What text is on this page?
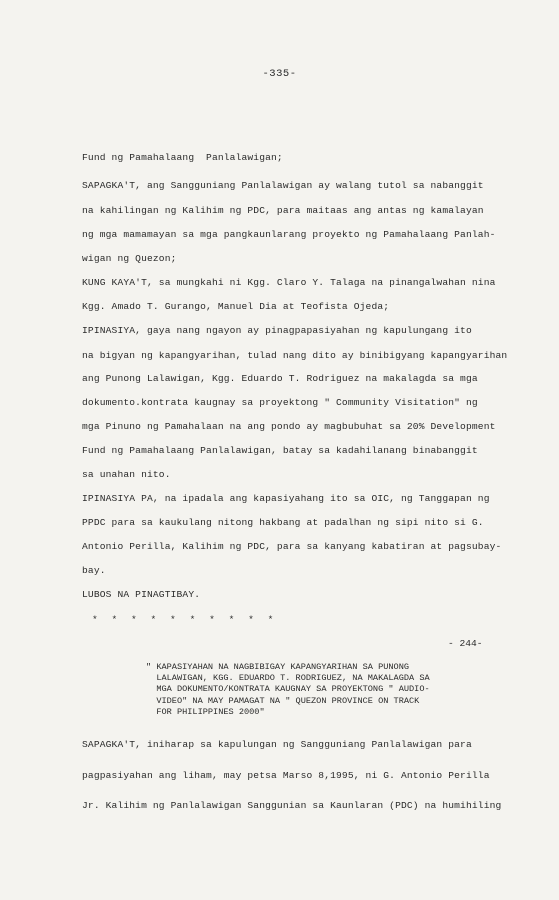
-335-
Fund ng Pamahalaang  Panlalawigan;
SAPAGKA'T, ang Sangguniang Panlalawigan ay walang tutol sa nabanggit
na kahilingan ng Kalihim ng PDC, para maitaas ang antas ng kamalayan
ng mga mamamayan sa mga pangkaunlarang proyekto ng Pamahalaang Panlah-
wigan ng Quezon;
KUNG KAYA'T, sa mungkahi ni Kgg. Claro Y. Talaga na pinangalwahan nina
Kgg. Amado T. Gurango, Manuel Dia at Teofista Ojeda;
IPINASIYA, gaya nang ngayon ay pinagpapasiyahan ng kapulungang ito
na bigyan ng kapangyarihan, tulad nang dito ay binibigyang kapangyarihan
ang Punong Lalawigan, Kgg. Eduardo T. Rodriguez na makalagda sa mga
dokumento.kontrata kaugnay sa proyektong " Community Visitation" ng
mga Pinuno ng Pamahalaan na ang pondo ay magbubuhat sa 20% Development
Fund ng Pamahalaang Panlalawigan, batay sa kadahilanang binabanggit
sa unahan nito.
IPINASIYA PA, na ipadala ang kapasiyahang ito sa OIC, ng Tanggapan ng
PPDC para sa kaukulang nitong hakbang at padalhan ng sipi nito si G.
Antonio Perilla, Kalihim ng PDC, para sa kanyang kabatiran at pagsubay-
bay.
LUBOS NA PINAGTIBAY.
* * * * * * * * * *
- 244-
" KAPASIYAHAN NA NAGBIBIGAY KAPANGYARIHAN SA PUNONG
LALAWIGAN, KGG. EDUARDO T. RODRIGUEZ, NA MAKALAGDA SA
MGA DOKUMENTO/KONTRATA KAUGNAY SA PROYEKTONG " AUDIO-
VIDEO" NA MAY PAMAGAT NA " QUEZON PROVINCE ON TRACK
FOR PHILIPPINES 2000"
SAPAGKA'T, iniharap sa kapulungan ng Sangguniang Panlalawigan para
pagpasiyahan ang liham, may petsa Marso 8,1995, ni G. Antonio Perilla
Jr. Kalihim ng Panlalawigan Sanggunian sa Kaunlaran (PDC) na humihiling
